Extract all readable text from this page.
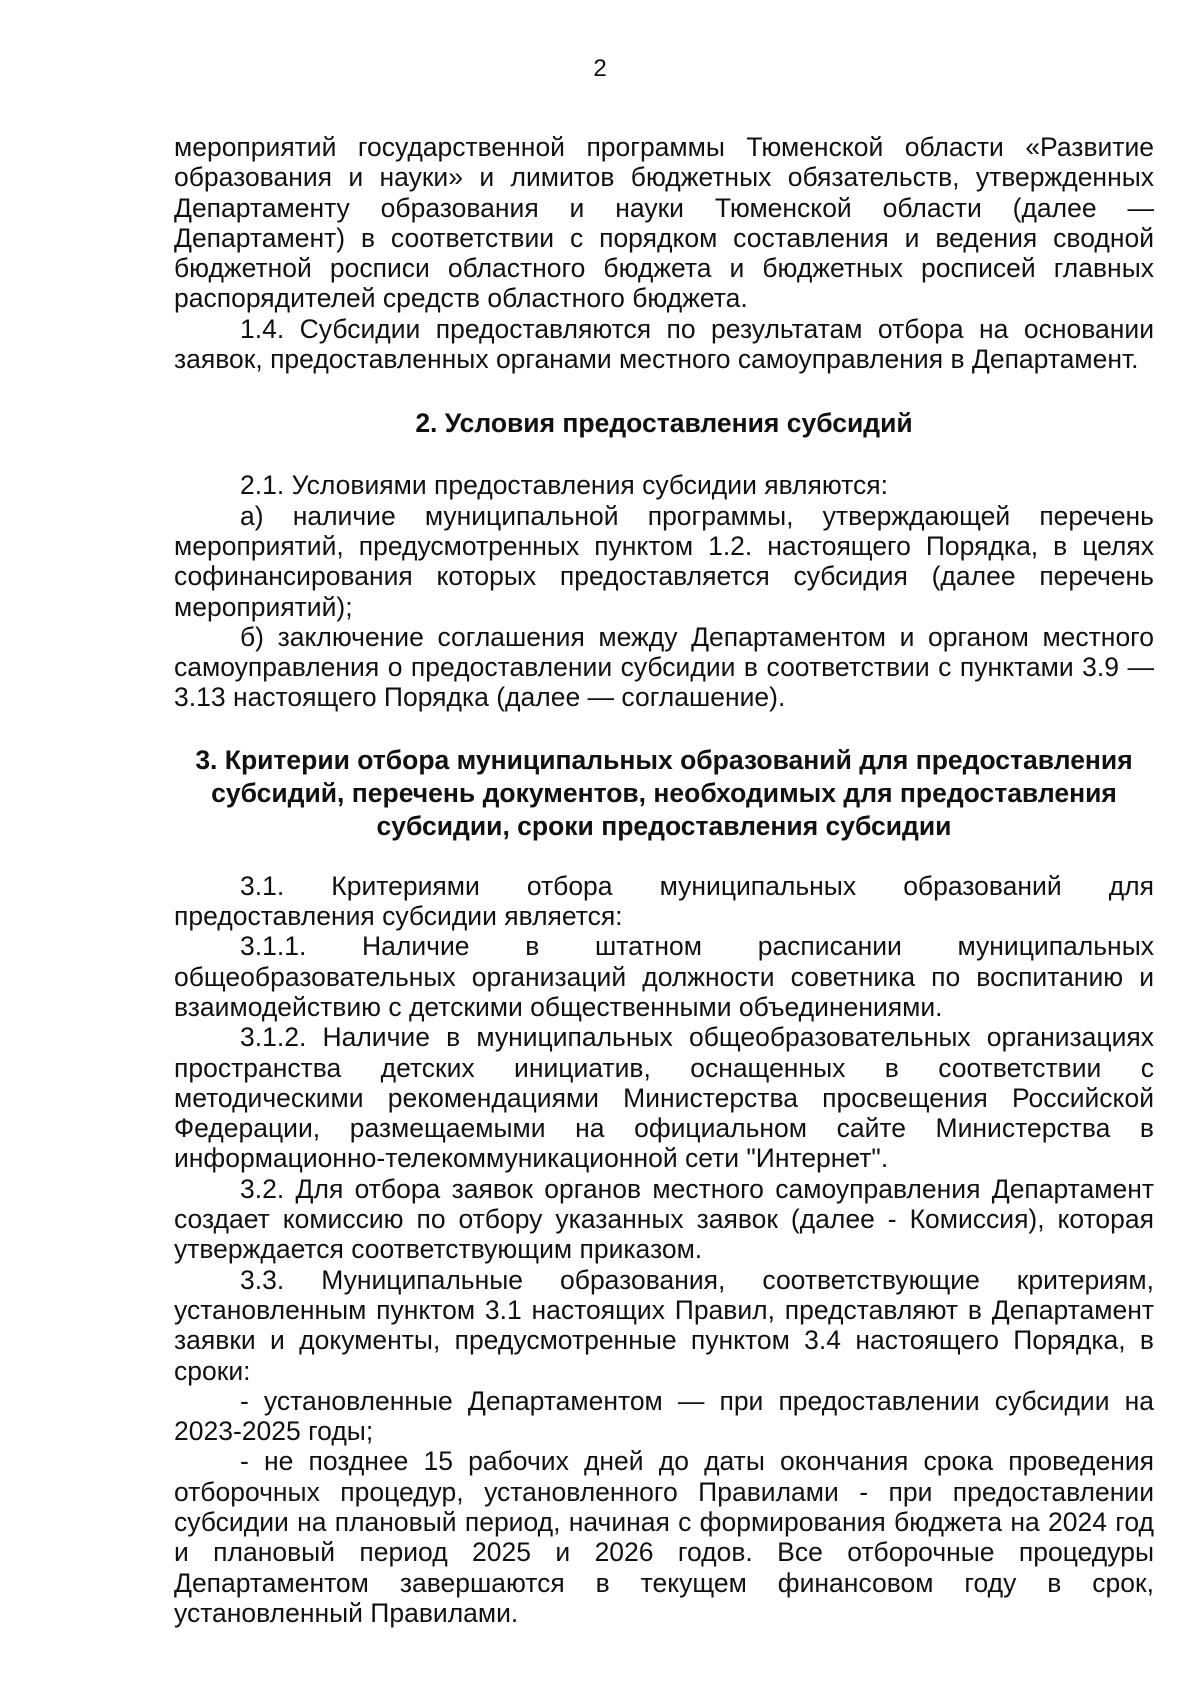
2

мероприятий государственной программы Тюменской области «Развитие образования и науки» и лимитов бюджетных обязательств, утвержденных Департаменту образования и науки Тюменской области (далее — Департамент) в соответствии с порядком составления и ведения сводной бюджетной росписи областного бюджета и бюджетных росписей главных распорядителей средств областного бюджета.

1.4. Субсидии предоставляются по результатам отбора на основании заявок, предоставленных органами местного самоуправления в Департамент.

2. Условия предоставления субсидий

2.1. Условиями предоставления субсидии являются:

а) наличие муниципальной программы, утверждающей перечень мероприятий, предусмотренных пунктом 1.2. настоящего Порядка, в целях софинансирования которых предоставляется субсидия (далее перечень мероприятий);

б) заключение соглашения между Департаментом и органом местного самоуправления о предоставлении субсидии в соответствии с пунктами 3.9 — 3.13 настоящего Порядка (далее — соглашение).

3. Критерии отбора муниципальных образований для предоставления
субсидий, перечень документов, необходимых для предоставления
субсидии, сроки предоставления субсидии

3.1. Критериями отбора муниципальных образований для предоставления субсидии является:

3.1.1. Наличие в штатном расписании муниципальных общеобразовательных организаций должности советника по воспитанию и взаимодействию с детскими общественными объединениями.

3.1.2. Наличие в муниципальных общеобразовательных организациях пространства детских инициатив, оснащенных в соответствии с методическими рекомендациями Министерства просвещения Российской Федерации, размещаемыми на официальном сайте Министерства в информационно-телекоммуникационной сети "Интернет".

3.2. Для отбора заявок органов местного самоуправления Департамент создает комиссию по отбору указанных заявок (далее - Комиссия), которая утверждается соответствующим приказом.

3.3. Муниципальные образования, соответствующие критериям, установленным пунктом 3.1 настоящих Правил, представляют в Департамент заявки и документы, предусмотренные пунктом 3.4 настоящего Порядка, в сроки:

- установленные Департаментом — при предоставлении субсидии на 2023-2025 годы;

- не позднее 15 рабочих дней до даты окончания срока проведения отборочных процедур, установленного Правилами - при предоставлении субсидии на плановый период, начиная с формирования бюджета на 2024 год и плановый период 2025 и 2026 годов. Все отборочные процедуры Департаментом завершаются в текущем финансовом году в срок, установленный Правилами.
